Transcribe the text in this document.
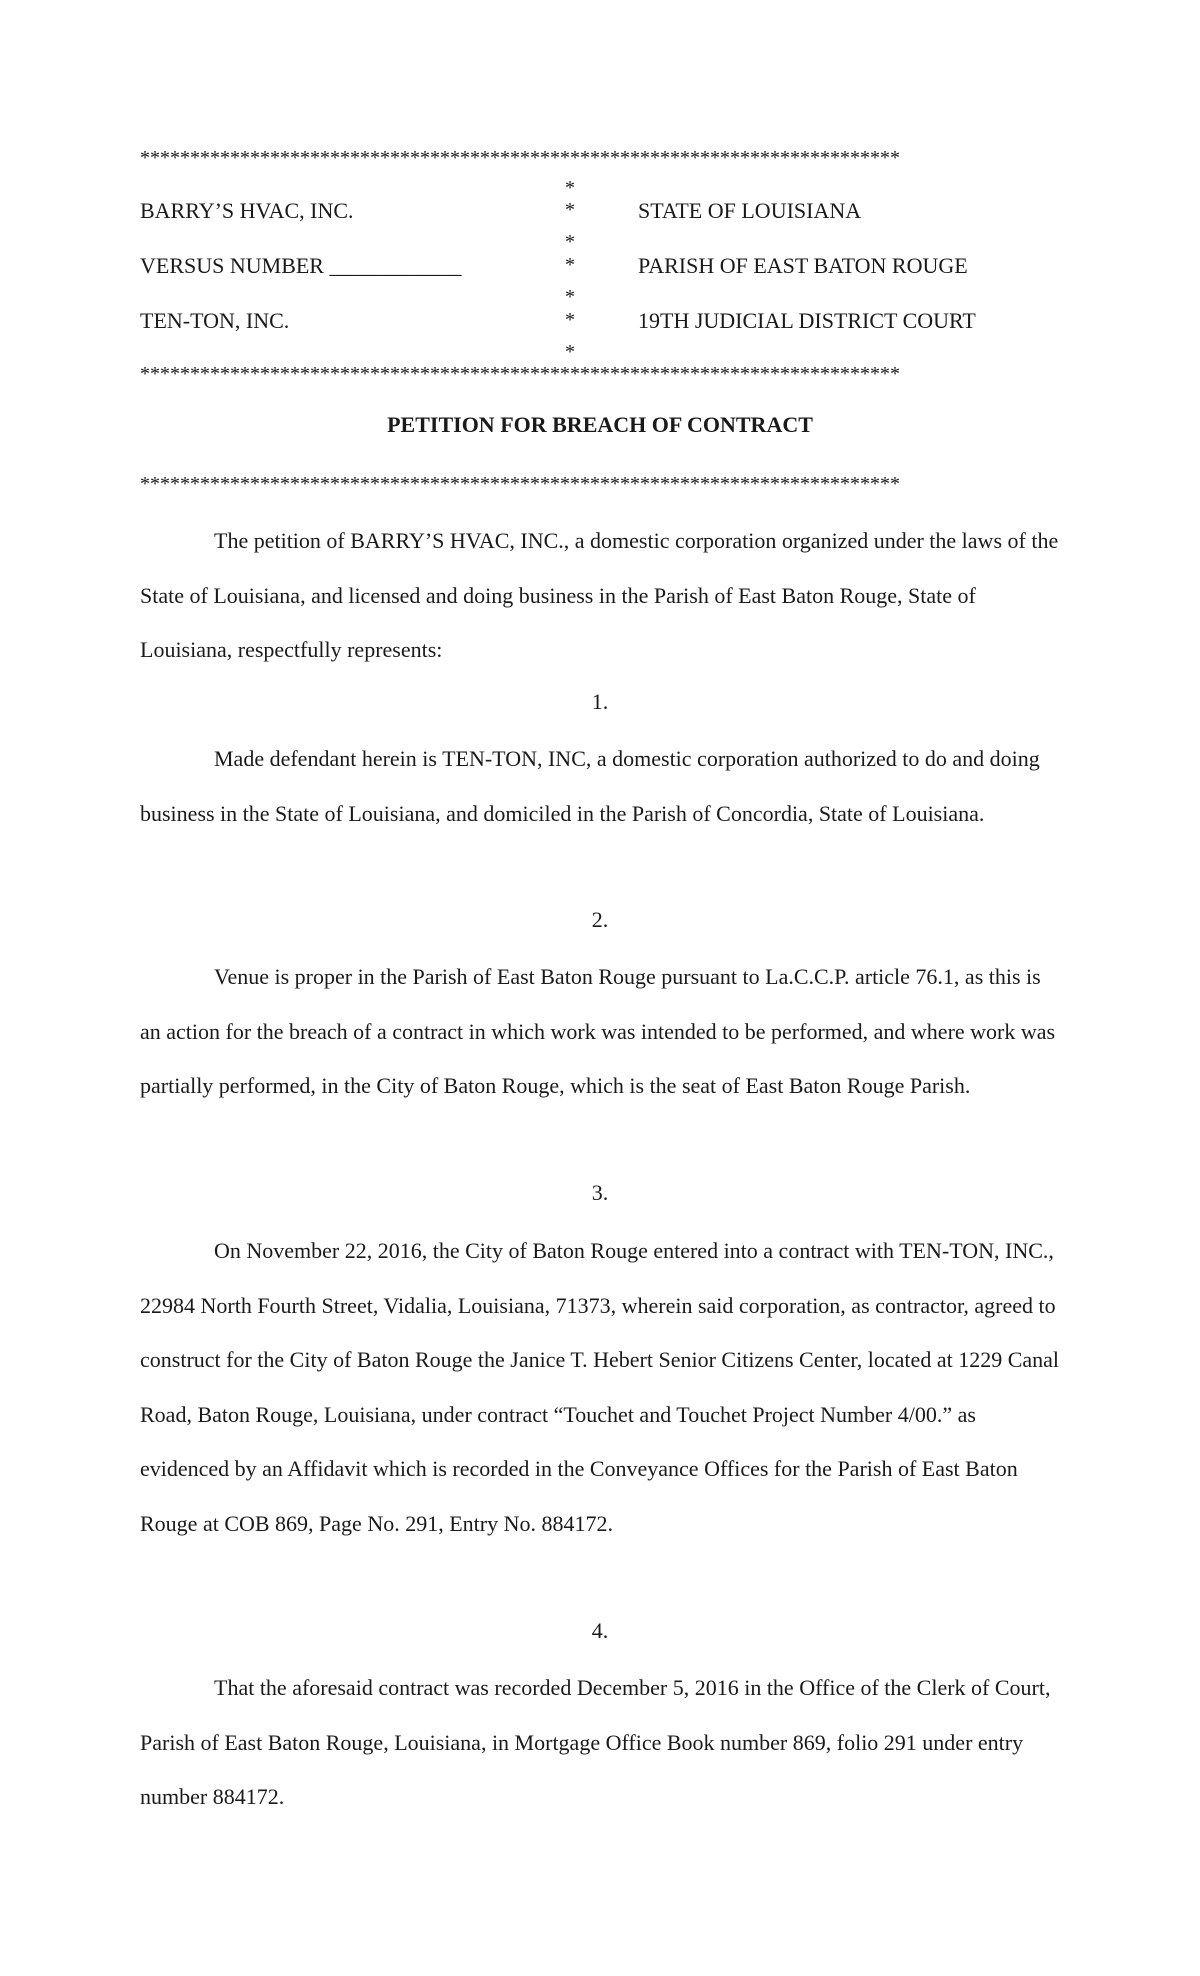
****************************************************************************
*
*
*
*
*
*
*
BARRY’S HVAC, INC.
VERSUS NUMBER ____________
TEN-TON, INC.
STATE OF LOUISIANA
PARISH OF EAST BATON ROUGE
19TH JUDICIAL DISTRICT COURT
****************************************************************************
PETITION FOR BREACH OF CONTRACT
****************************************************************************
The petition of BARRY’S HVAC, INC., a domestic corporation organized under the laws of the State of Louisiana, and licensed and doing business in the Parish of East Baton Rouge, State of Louisiana, respectfully represents:
1.
Made defendant herein is TEN-TON, INC, a domestic corporation authorized to do and doing business in the State of Louisiana, and domiciled in the Parish of Concordia, State of Louisiana.
2.
Venue is proper in the Parish of East Baton Rouge pursuant to La.C.C.P. article 76.1, as this is an action for the breach of a contract in which work was intended to be performed, and where work was partially performed, in the City of Baton Rouge, which is the seat of East Baton Rouge Parish.
3.
On November 22, 2016, the City of Baton Rouge entered into a contract with TEN-TON, INC., 22984 North Fourth Street, Vidalia, Louisiana, 71373, wherein said corporation, as contractor, agreed to construct for the City of Baton Rouge the Janice T. Hebert Senior Citizens Center, located at 1229 Canal Road, Baton Rouge, Louisiana, under contract “Touchet and Touchet Project Number 4/00.” as evidenced by an Affidavit which is recorded in the Conveyance Offices for the Parish of East Baton Rouge at COB 869, Page No. 291, Entry No. 884172.
4.
That the aforesaid contract was recorded December 5, 2016 in the Office of the Clerk of Court, Parish of East Baton Rouge, Louisiana, in Mortgage Office Book number 869, folio 291 under entry number 884172.
